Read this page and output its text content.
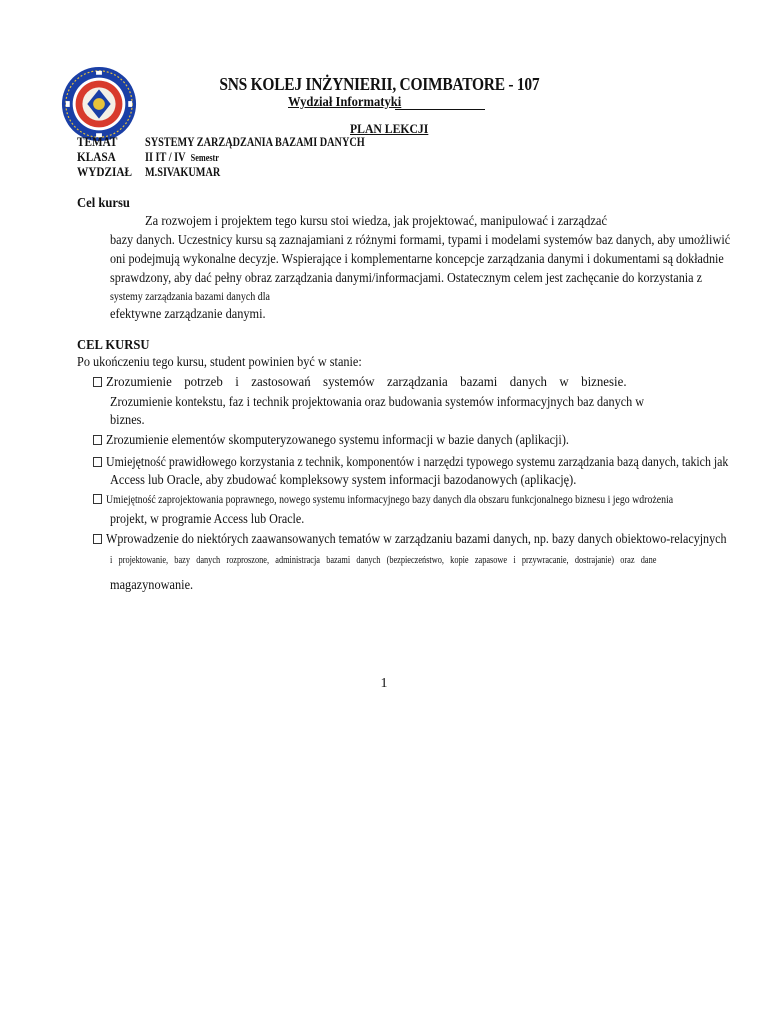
SNS KOLEJ INŻYNIERII, COIMBATORE - 107
Wydział Informatyki
PLAN LEKCJI
TEMAT SYSTEMY ZARZĄDZANIA BAZAMI DANYCH
KLASA II IT / IV Semestr
WYDZIAŁ M.SIVAKUMAR
Cel kursu
Za rozwojem i projektem tego kursu stoi wiedza, jak projektować, manipulować i zarządzać
bazy danych. Uczestnicy kursu są zaznajamiani z różnymi formami, typami i modelami systemów baz danych, aby umożliwić
oni podejmują wykonalne decyzje. Wspierające i komplementarne koncepcje zarządzania danymi i dokumentami są dokładnie
sprawdzony, aby dać pełny obraz zarządzania danymi/informacjami. Ostatecznym celem jest zachęcanie do korzystania z
systemy zarządzania bazami danych dla
efektywne zarządzanie danymi.
CEL KURSU
Po ukończeniu tego kursu, student powinien być w stanie:
Zrozumienie potrzeb i zastosowań systemów zarządzania bazami danych w biznesie.
Zrozumienie kontekstu, faz i technik projektowania oraz budowania systemów informacyjnych baz danych w
biznes.
Zrozumienie elementów skomputeryzowanego systemu informacji w bazie danych (aplikacji).
Umiejętność prawidłowego korzystania z technik, komponentów i narzędzi typowego systemu zarządzania bazą danych, takich jak
Access lub Oracle, aby zbudować kompleksowy system informacji bazodanowych (aplikację).
Umiejętność zaprojektowania poprawnego, nowego systemu informacyjnego bazy danych dla obszaru funkcjonalnego biznesu i jego wdrożenia
projekt, w programie Access lub Oracle.
Wprowadzenie do niektórych zaawansowanych tematów w zarządzaniu bazami danych, np. bazy danych obiektowo-relacyjnych
i projektowanie, bazy danych rozproszone, administracja bazami danych (bezpieczeństwo, kopie zapasowe i przywracanie, dostrajanie) oraz dane
magazynowanie.
1
